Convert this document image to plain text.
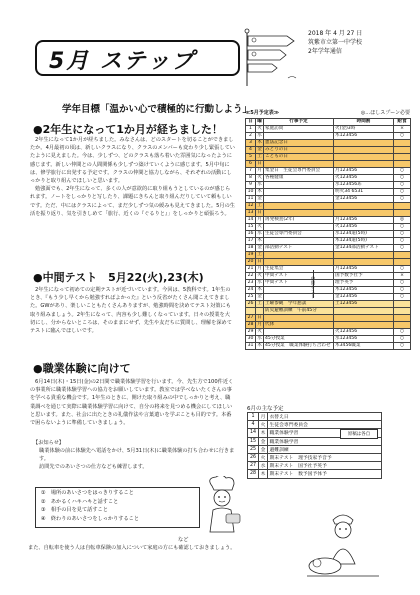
5月 ステップ
2018 年 4 月 27 日
筑紫市立第一中学校
2年学年通信
学年目標「温かい心で積極的に行動しよう」
●2年生になって1か月が経ちました！

2年生になって1か月が経ちました。みなさんは、どのスタートを切ることができましたか。4月最初の頃は、新しいクラスになり、クラスのメンバーも変わり少し緊張していたように見えました。今は、少しずつ、どのクラスも落ち着いた雰囲気になったように感じます。新しい仲間との人間関係も少しずつ築けていくように感じます。5月中旬には、修学旅行に出発する予定です。クラスの仲間と協力しながら、それぞれの活動にしっかりと取り組んでほしいと思います。

勉強面でも、2年生になって、多くの人が意欲的に取り組もうとしているのが感じられます。ノートをしっかりと写したり、課題にきちんと取り組んだりしていて頼もしいです。ただ、中にはクラスによって、まだ少しずつ気の緩みも見えてきました。5月の生活を振り返り、気を引きしめて「旅行、近くの『ぐるりと』」をしっかりと頑張ろう。

●中間テスト　5月22(火),23(木)

2年生になって初めての定期テストが近づいています。今回は、5教科です。1年生のとき、『もう少し早くから勉強すればよかった』という反省がたくさん聞こえてきました。GWがあり、楽しいこともたくさんありますが、勉強時間を決めてテスト対策にも取り組みましょう。2年生になって、内容も少し難しくなっています。日々の授業を大切にし、分からないところは、そのままにせず、先生や友だちに質問し、理解を深めてテストに臨んでほしいです。

●職業体験に向けて

6月14日(木)・15日(金)の2日間で職業体験学習を行います。今、先生方で100件近くの事業所に職業体験学習への協力をお願いしています。教室では学べないたくさんの事を学べる貴重な機会です。1年生のときに、開けた取り組みの中でしっかりと考え、職業調べを通じて実際に職業体験学習に向けて、自分の将来を見つめる機会にしてほしいと思います。また、社会に出たときの礼儀作法や言葉遣いを学ぶことも目的です。本番で困らないように準備していきましょう。

【お知らせ】
職業体験の前に体験先へ電話をかけ、5月31日(木)に職業体験の打ち合わせに行きます。
訪問先でのあいさつの仕方なども練習します。
①　場所のあいさつをはっきりすること
②　あかるくハキハキと話すこと
③　相手の目を見て話すこと
④　終わりのあいさつをしっかりすること
など
また、自転車を使う人は自転車保険の加入について家庭の方にも確認しておきましょう。
≪5月予定表≫	◎…ほしスプーン必要
日	曜	行事予定	時間割	給食
1	火	家庭訪問	火(金)3時	×
2	水		木123456	○
3	木	憲法記念日		
4	金	みどりの日		
5	土	こどもの日		
6	日			
7	月	集金日　生徒会専門委員会	月123456	○
8	火	各種健康	火123456	○
9	水		水123456あ	○
10	木		明火34 6531	○
11	金		金123456	○
12	土			
13	日			
14	月	再発検査(2年)	月123456	◎
15	火		火123456	○
16	水	生徒会専門委員会	水1234道(5時)	○
17	木		木1234道(5時)	○
18	金	部活動テスト	金1234部活動テスト	○
19	土			
20	日			
21	月	生徒集会	月123456	○
22	火	中間テスト	国予数予社予	×
23	水	中間テスト	理予英予	○
24	木		木123456	○
25	金		金123456	○
26	土	土曜参観　学年懇談	土123456	
		防災避難訓練　午前45分		
27	日			
28	月	代休		
29	火		火123456	○
30	水	45分授業	水123456	○
31	木	45分授業　職業体験打ち合わせ	木3456職業	○
中間テスト
6月の主な予定
1	月	衣替え日
4	火	生徒会専門委員会
14	木	職業体験学習
15	金	職業体験学習
25	金	避難訓練
26	火	期末テスト　理予技家予音予
27	水	期末テスト　国予社予英予
28	木	期末テスト　数予国予体予
原稿は各自
